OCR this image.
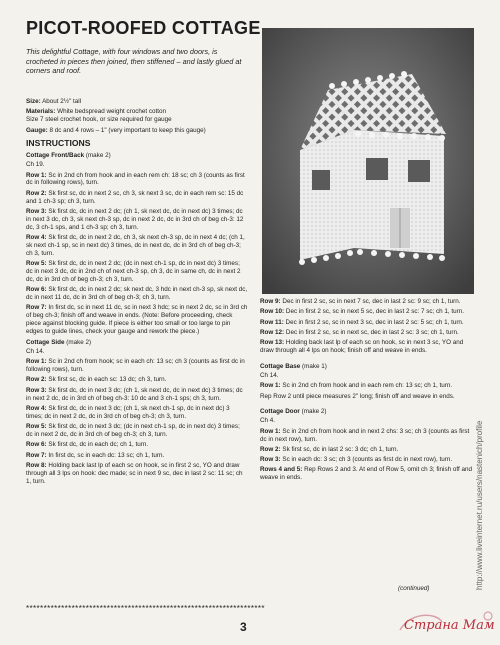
PICOT-ROOFED COTTAGE
This delightful Cottage, with four windows and two doors, is crocheted in pieces then joined, then stiffened – and lastly glued at corners and roof.

Size: About 2½" tall

Materials: White bedspread weight crochet cotton
Size 7 steel crochet hook, or size required for gauge

Gauge: 8 dc and 4 rows – 1" (very important to keep this gauge)

INSTRUCTIONS
Cottage Front/Back (make 2)

Ch 19.

Row 1: Sc in 2nd ch from hook and in each rem ch: 18 sc; ch 3 (counts as first dc in following rows), turn.

Row 2: Sk first sc, dc in next 2 sc, ch 3, sk next 3 sc, dc in each rem sc: 15 dc and 1 ch-3 sp; ch 3, turn.

Row 3: Sk first dc, dc in next 2 dc; (ch 1, sk next dc, dc in next dc) 3 times; dc in next 3 dc, ch 3, sk next ch-3 sp, dc in next 2 dc, dc in 3rd ch of beg ch-3: 12 dc, 3 ch-1 sps, and 1 ch-3 sp; ch 3, turn.

Row 4: Sk first dc, dc in next 2 dc, ch 3, sk next ch-3 sp, dc in next 4 dc; (ch 1, sk next ch-1 sp, sc in next dc) 3 times, dc in next dc, dc in 3rd ch of beg ch-3; ch 3, turn.

Row 5: Sk first dc, dc in next 2 dc; (dc in next ch-1 sp, dc in next dc) 3 times; dc in next 3 dc, dc in 2nd ch of next ch-3 sp, ch 3, dc in same ch, dc in next 2 dc, dc in 3rd ch of beg ch-3; ch 3, turn.

Row 6: Sk first dc, dc in next 2 dc; sk next dc, 3 hdc in next ch-3 sp, sk next dc, dc in next 11 dc, dc in 3rd ch of beg ch-3; ch 3, turn.

Row 7: In first dc, sc in next 11 dc, sc in next 3 hdc; sc in next 2 dc, sc in 3rd ch of beg ch-3; finish off and weave in ends. (Note: Before proceeding, check piece against blocking guide. If piece is either too small or too large to pin edges to guide lines, check your gauge and rework the piece.)

Cottage Side (make 2)

Ch 14.

Row 1: Sc in 2nd ch from hook; sc in each ch: 13 sc; ch 3 (counts as first dc in following rows), turn.

Row 2: Sk first sc, dc in each sc: 13 dc; ch 3, turn.

Row 3: Sk first dc, dc in next 3 dc; (ch 1, sk next dc, dc in next dc) 3 times; dc in next 2 dc, dc in 3rd ch of beg ch-3: 10 dc and 3 ch-1 sps; ch 3, turn.

Row 4: Sk first dc, dc in next 3 dc; (ch 1, sk next ch-1 sp, dc in next dc) 3 times; dc in next 2 dc, dc in 3rd ch of beg ch-3; ch 3, turn.

Row 5: Sk first dc, dc in next 3 dc; (dc in next ch-1 sp, dc in next dc) 3 times; dc in next 2 dc, dc in 3rd ch of beg ch-3; ch 3, turn.

Row 6: Sk first dc, dc in each dc; ch 1, turn.

Row 7: In first dc, sc in each dc: 13 sc; ch 1, turn.

Row 8: Holding back last lp of each sc on hook, sc in first 2 sc, YO and draw through all 3 lps on hook: dec made; sc in next 9 sc, dec in last 2 sc: 11 sc; ch 1, turn.

Row 9: Dec in first 2 sc, sc in next 7 sc, dec in last 2 sc: 9 sc; ch 1, turn.

Row 10: Dec in first 2 sc, sc in next 5 sc, dec in last 2 sc: 7 sc; ch 1, turn.

Row 11: Dec in first 2 sc, sc in next 3 sc, dec in last 2 sc: 5 sc; ch 1, turn.

Row 12: Dec in first 2 sc, sc in next sc, dec in last 2 sc: 3 sc; ch 1, turn.

Row 13: Holding back last lp of each sc on hook, sc in next 3 sc, YO and draw through all 4 lps on hook; finish off and weave in ends.

Cottage Base (make 1)

Ch 14.

Row 1: Sc in 2nd ch from hook and in each rem ch: 13 sc; ch 1, turn.

Rep Row 2 until piece measures 2" long; finish off and weave in ends.

Cottage Door (make 2)

Ch 4.

Row 1: Sc in 2nd ch from hook and in next 2 chs: 3 sc; ch 3 (counts as first dc in next row), turn.

Row 2: Sk first sc, dc in last 2 sc: 3 dc; ch 1, turn.

Row 3: Sc in each dc: 3 sc; ch 3 (counts as first dc in next row), turn.

Rows 4 and 5: Rep Rows 2 and 3. At end of Row 5, omit ch 3; finish off and weave in ends.

(continued)
********************************************************************
3
http://www.liveinternet.ru/users/nastenich/profile
Страна Мам
